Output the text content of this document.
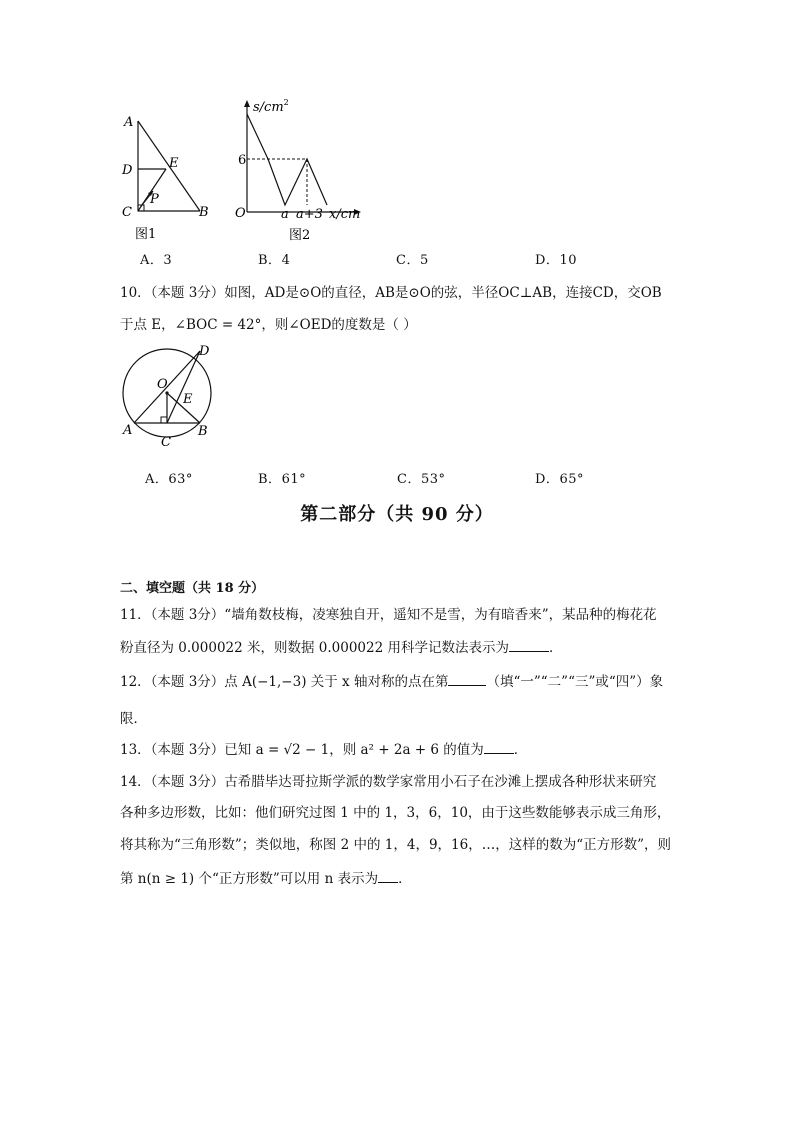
A
D	E
C
P
B
图1
$s/cm^2$
6
O	a a+3 x/cm
图2
A．3	B．4	C．5	D．10
10．（本题 3分）如图，AD是⊙O的直径，AB是⊙O的弦，半径OC⊥AB，连接CD，交OB
于点 E，∠BOC = 42°，则∠OED的度数是（ ）
O
D
E
A	B
C
A．63°	B．61°	C．53°	D．65°
第二部分（共 90 分）
二、填空题（共 18 分）
11．（本题 3分）“墙角数枝梅，凌寒独自开，遥知不是雪，为有暗香来”，某品种的梅花花
粉直径为 0.000022 米，则数据 0.000022 用科学记数法表示为	．
12．（本题 3分）点 A(−1,−3) 关于 x 轴对称的点在第	（填“一”“二”“三”或“四”）象
限．
13．（本题 3分）已知 a = √2 − 1，则 a² + 2a + 6 的值为 ．
14．（本题 3分）古希腊毕达哥拉斯学派的数学家常用小石子在沙滩上摆成各种形状来研究
各种多边形数，比如：他们研究过图 1 中的 1，3，6，10，由于这些数能够表示成三角形，
将其称为“三角形数”；类似地，称图 2 中的 1，4，9，16，…，这样的数为“正方形数”，则
第 n(n ≥ 1) 个“正方形数”可以用 n 表示为 ．
